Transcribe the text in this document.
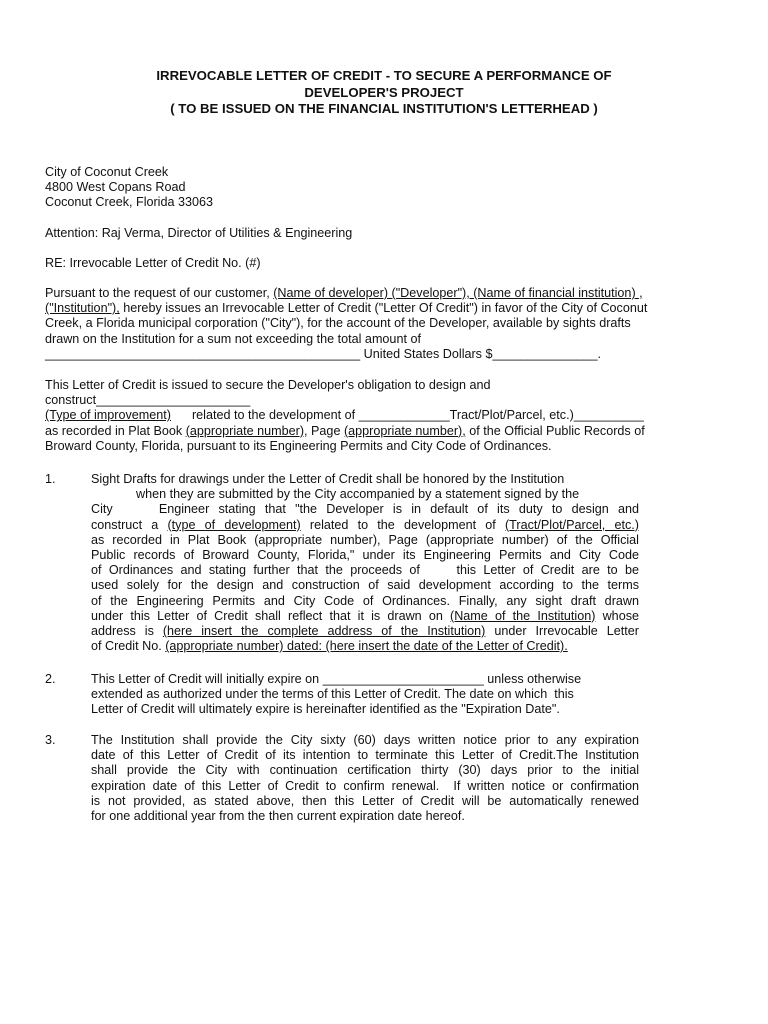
IRREVOCABLE LETTER OF CREDIT - TO SECURE A PERFORMANCE OF
DEVELOPER'S PROJECT
( TO BE ISSUED ON THE FINANCIAL INSTITUTION'S LETTERHEAD )
City of Coconut Creek
4800 West Copans Road
Coconut Creek, Florida 33063
Attention: Raj Verma, Director of Utilities & Engineering
RE: Irrevocable Letter of Credit No. (#)
Pursuant to the request of our customer, (Name of developer) ("Developer"), (Name of financial institution) ,
("Institution"), hereby issues an Irrevocable Letter of Credit ("Letter Of Credit") in favor of the City of Coconut
Creek, a Florida municipal corporation ("City"), for the account of the Developer, available by sights drafts
drawn on the Institution for a sum not exceeding the total amount of
_____________________________________________ United States Dollars $_______________.
This Letter of Credit is issued to secure the Developer's obligation to design and
construct______________________
(Type of improvement)      related to the development of _____________Tract/Plot/Parcel, etc.)__________
as recorded in Plat Book (appropriate number), Page (appropriate number), of the Official Public Records of
Broward County, Florida, pursuant to its Engineering Permits and City Code of Ordinances.
1.	Sight Drafts for drawings under the Letter of Credit shall be honored by the Institution
when they are submitted by the City accompanied by a statement signed by the
City     Engineer stating that "the Developer is in default of its duty to design and
construct a (type of development) related to the development of (Tract/Plot/Parcel, etc.)
as recorded in Plat Book (appropriate number), Page (appropriate number) of the Official
Public records of Broward County, Florida," under its Engineering Permits and City Code
of Ordinances and stating further that the proceeds of     this Letter of Credit are to be
used solely for the design and construction of said development according to the terms
of the Engineering Permits and City Code of Ordinances. Finally, any sight draft drawn
under this Letter of Credit shall reflect that it is drawn on (Name of the Institution) whose
address is (here insert the complete address of the Institution) under Irrevocable Letter
of Credit No. (appropriate number) dated: (here insert the date of the Letter of Credit).
2.	This Letter of Credit will initially expire on _______________________ unless otherwise
extended as authorized under the terms of this Letter of Credit. The date on which  this
Letter of Credit will ultimately expire is hereinafter identified as the "Expiration Date".
3.	The Institution shall provide the City sixty (60) days written notice prior to any expiration
date of this Letter of Credit of its intention to terminate this Letter of Credit.The Institution
shall provide the City with continuation certification thirty (30) days prior to the initial
expiration date of this Letter of Credit to confirm renewal.  If written notice or confirmation
is not provided, as stated above, then this Letter of Credit will be automatically renewed
for one additional year from the then current expiration date hereof.
